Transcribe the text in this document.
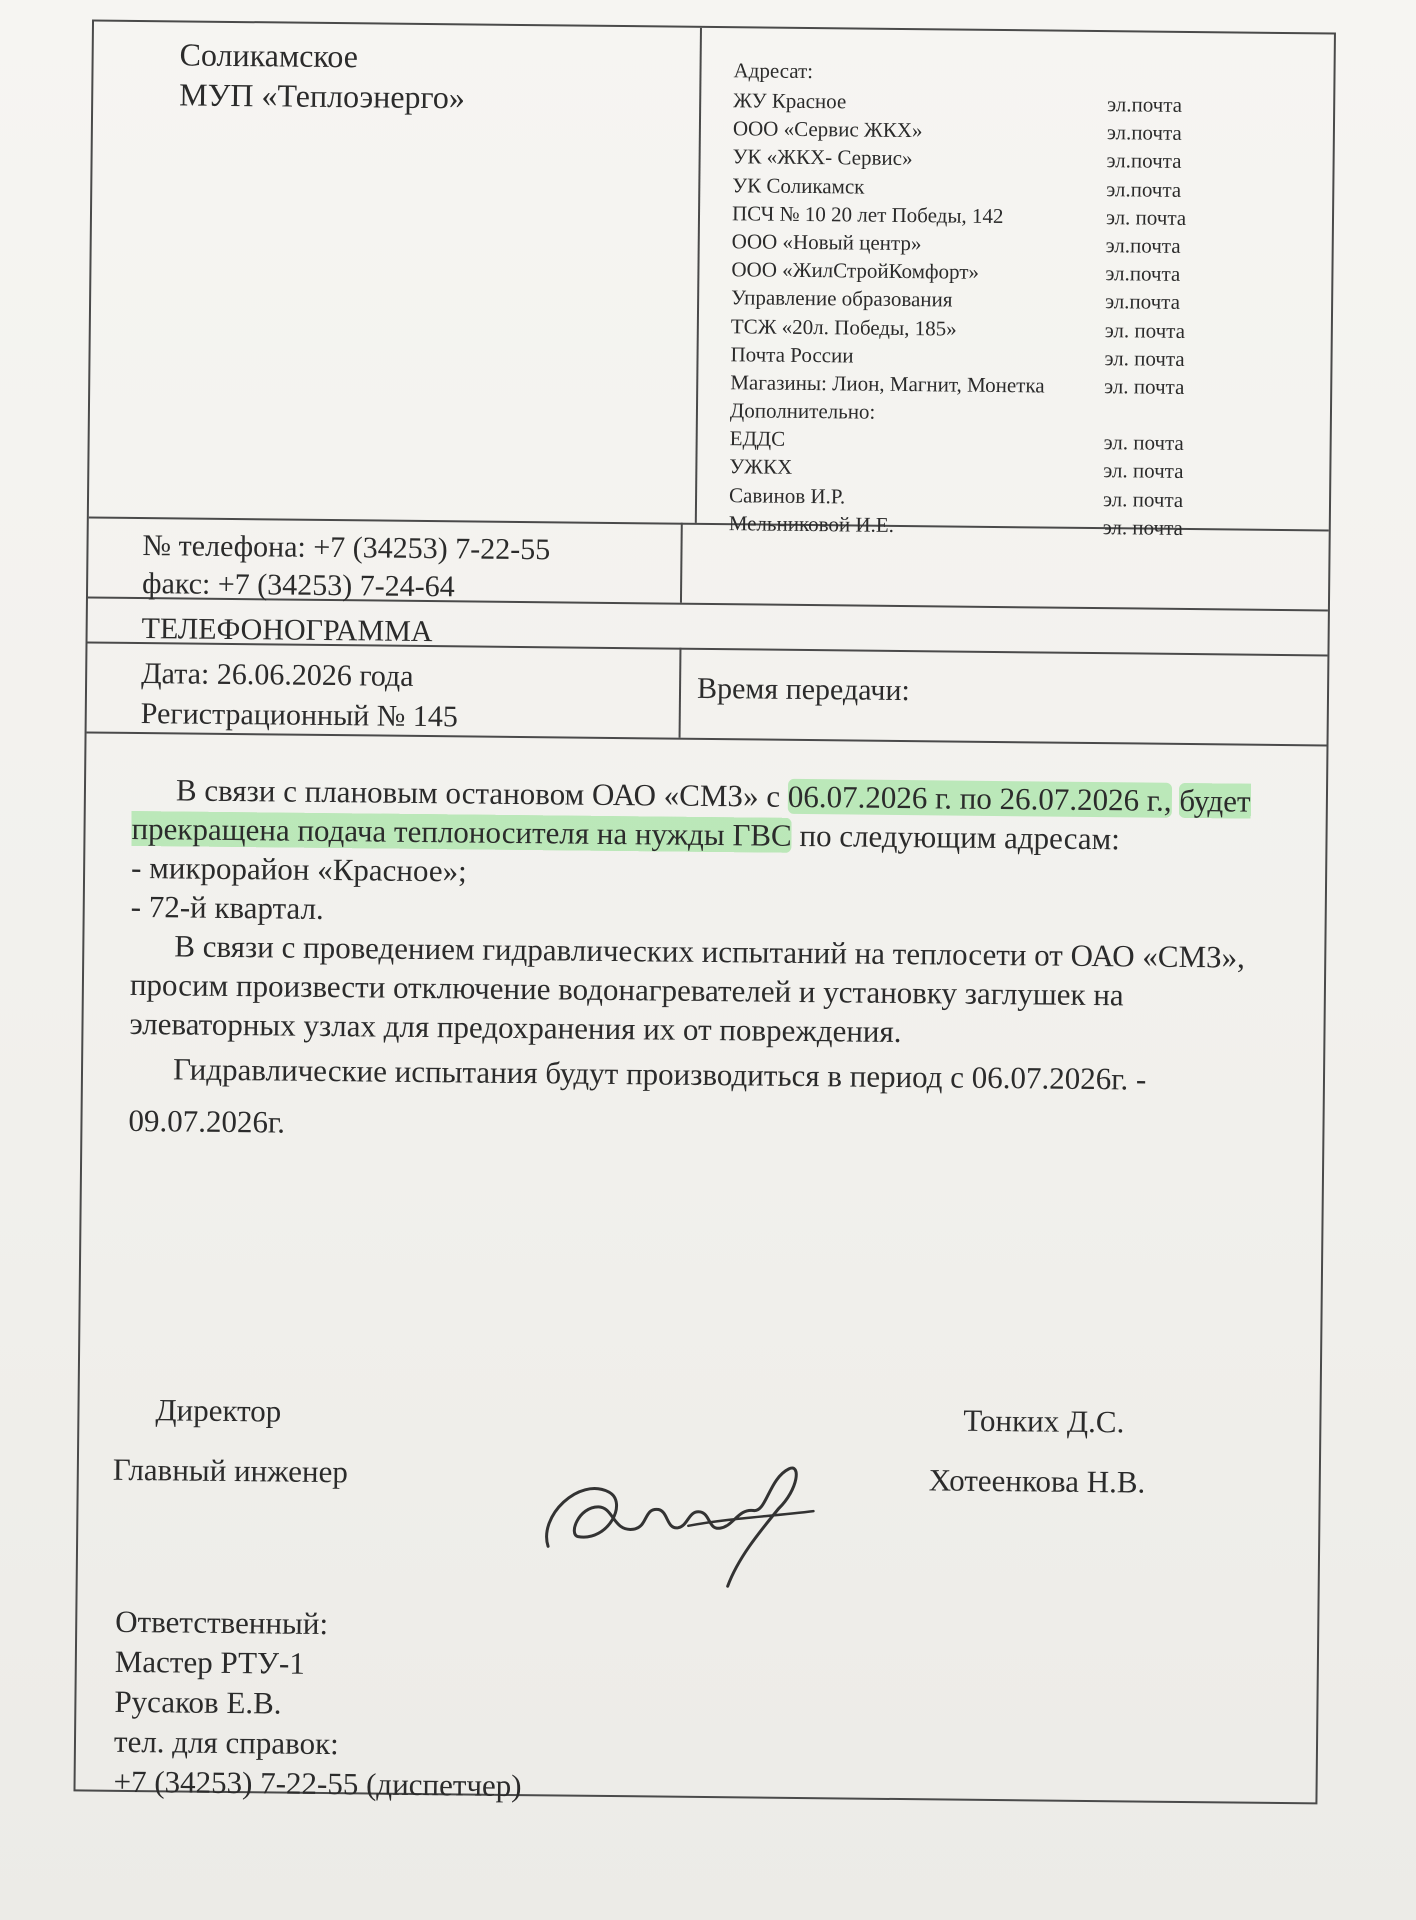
Соликамское
МУП «Теплоэнерго»
Адресат:
ЖУ Красное	эл.почта
ООО «Сервис ЖКХ»	эл.почта
УК «ЖКХ- Сервис»	эл.почта
УК Соликамск	эл.почта
ПСЧ № 10 20 лет Победы, 142	эл. почта
ООО «Новый центр»	эл.почта
ООО «ЖилСтройКомфорт»	эл.почта
Управление образования	эл.почта
ТСЖ «20л. Победы, 185»	эл. почта
Почта России	эл. почта
Магазины: Лион, Магнит, Монетка	эл. почта
Дополнительно:
ЕДДС	эл. почта
УЖКХ	эл. почта
Савинов И.Р.	эл. почта
Мельниковой И.Е.	эл. почта
№ телефона: +7 (34253) 7-22-55
факс: +7 (34253) 7-24-64
ТЕЛЕФОНОГРАММА
Дата: 26.06.2026 года
Регистрационный № 145
Время передачи:

В связи с плановым остановом ОАО «СМЗ» с 06.07.2026 г. по 26.07.2026 г., будет прекращена подача теплоносителя на нужды ГВС по следующим адресам:

- микрорайон «Красное»;

- 72-й квартал.

В связи с проведением гидравлических испытаний на теплосети от ОАО «СМЗ», просим произвести отключение водонагревателей и установку заглушек на элеваторных узлах для предохранения их от повреждения.

Гидравлические испытания будут производиться в период с 06.07.2026г. - 09.07.2026г.

Директор	Тонких Д.С.
Главный инженер	Хотеенкова Н.В.
Ответственный:
Мастер РТУ-1
Русаков Е.В.
тел. для справок:
+7 (34253) 7-22-55 (диспетчер)
